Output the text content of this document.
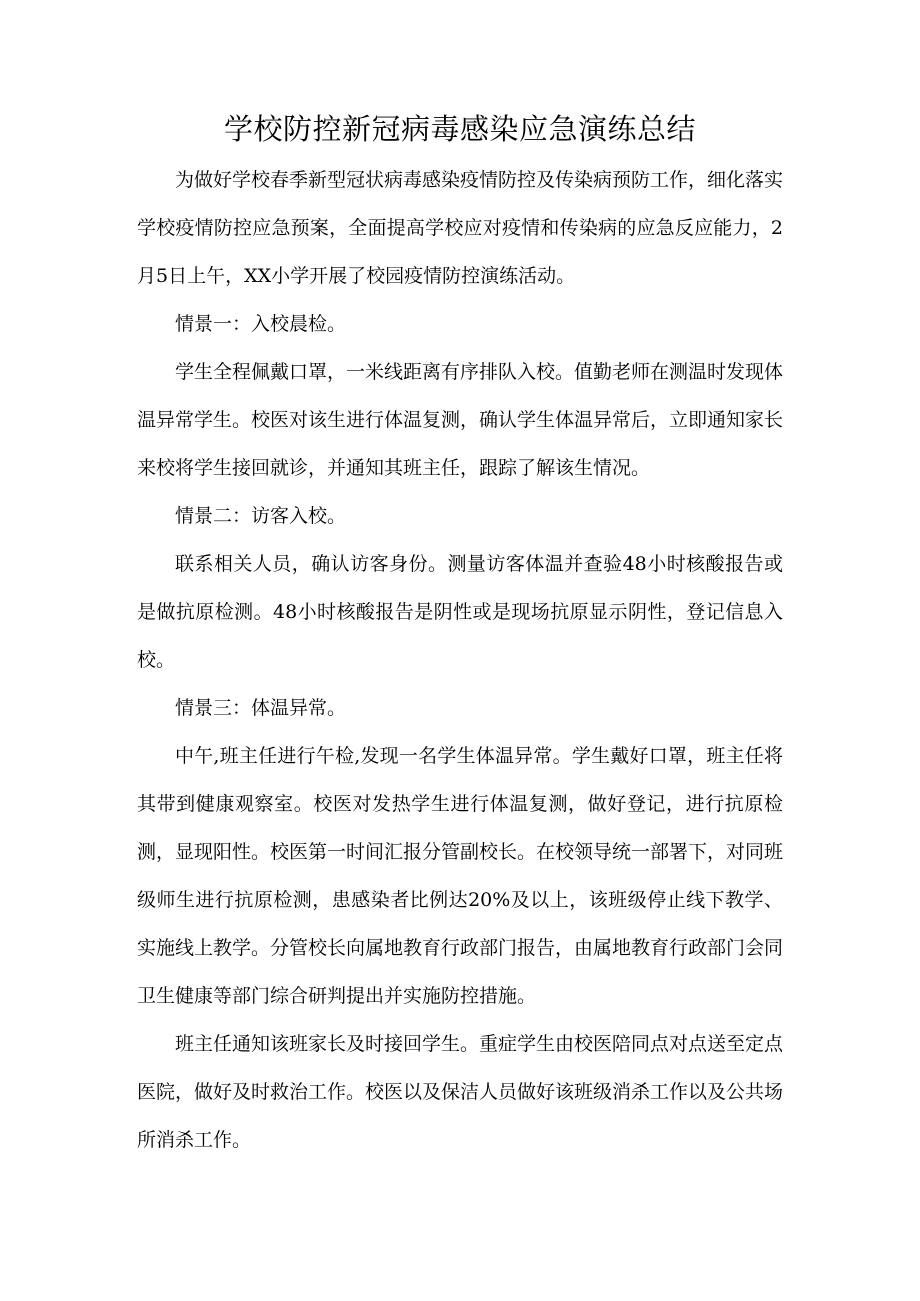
学校防控新冠病毒感染应急演练总结

为做好学校春季新型冠状病毒感染疫情防控及传染病预防工作，细化落实学校疫情防控应急预案，全面提高学校应对疫情和传染病的应急反应能力，2月5日上午，XX小学开展了校园疫情防控演练活动。

情景一：入校晨检。

学生全程佩戴口罩，一米线距离有序排队入校。值勤老师在测温时发现体温异常学生。校医对该生进行体温复测，确认学生体温异常后，立即通知家长来校将学生接回就诊，并通知其班主任，跟踪了解该生情况。

情景二：访客入校。

联系相关人员，确认访客身份。测量访客体温并查验48小时核酸报告或是做抗原检测。48小时核酸报告是阴性或是现场抗原显示阴性，登记信息入校。

情景三：体温异常。

中午,班主任进行午检,发现一名学生体温异常。学生戴好口罩，班主任将其带到健康观察室。校医对发热学生进行体温复测，做好登记，进行抗原检测，显现阳性。校医第一时间汇报分管副校长。在校领导统一部署下，对同班级师生进行抗原检测，患感染者比例达20%及以上，该班级停止线下教学、实施线上教学。分管校长向属地教育行政部门报告，由属地教育行政部门会同卫生健康等部门综合研判提出并实施防控措施。

班主任通知该班家长及时接回学生。重症学生由校医陪同点对点送至定点医院，做好及时救治工作。校医以及保洁人员做好该班级消杀工作以及公共场所消杀工作。
